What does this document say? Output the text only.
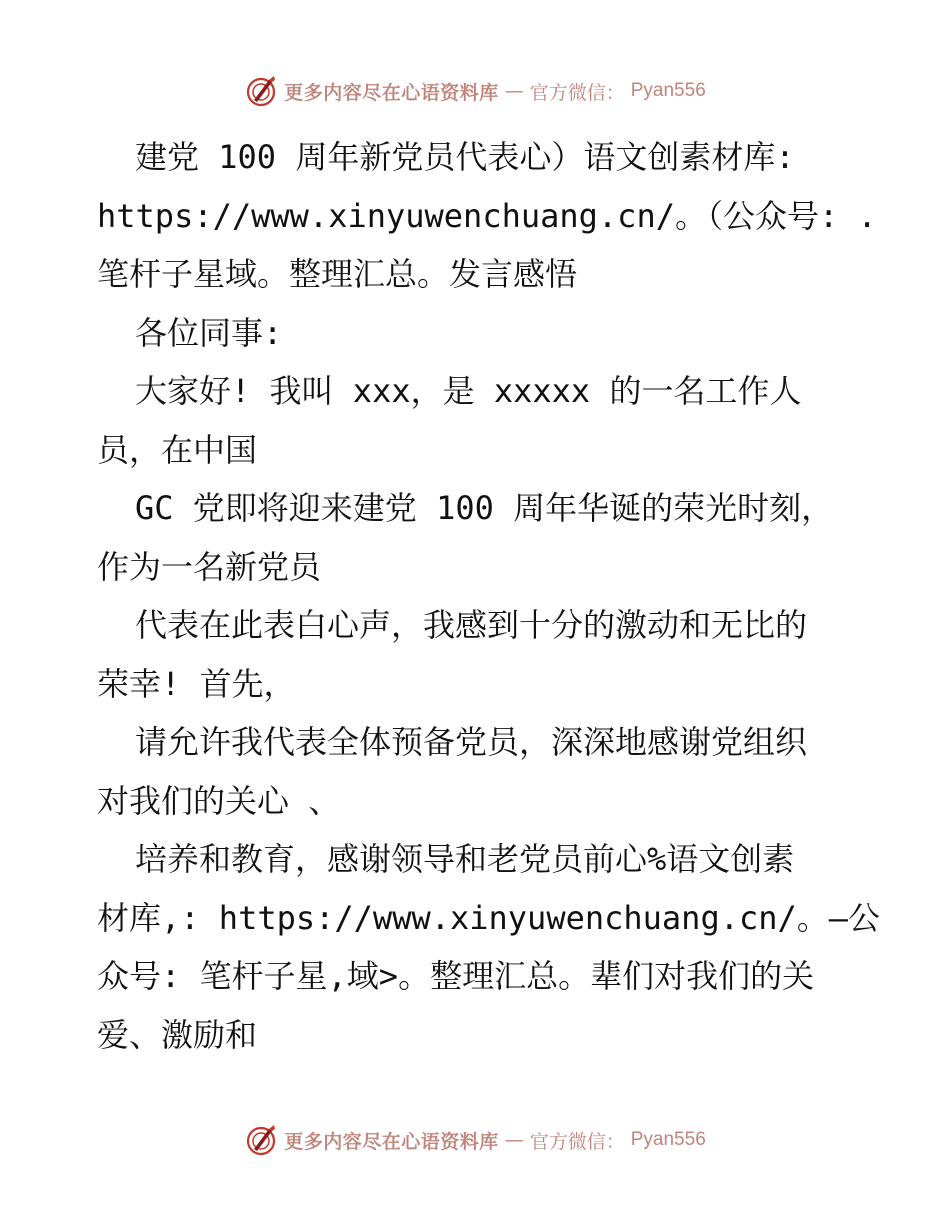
更多内容尽在心语资料库 — 官方微信： Pyan556
建党 100 周年新党员代表心）语文创素材库:
https://www.xinyuwenchuang.cn/。（公众号: .
笔杆子星域。整理汇总。发言感悟
各位同事:
大家好! 我叫 xxx，是 xxxxx 的一名工作人
员，在中国
GC 党即将迎来建党 100 周年华诞的荣光时刻，
作为一名新党员
代表在此表白心声，我感到十分的激动和无比的
荣幸! 首先，
请允许我代表全体预备党员，深深地感谢党组织
对我们的关心 、
培养和教育，感谢领导和老党员前心%语文创素
材库,: https://www.xinyuwenchuang.cn/。—公
众号: 笔杆子星,域>。整理汇总。辈们对我们的关
爱、激励和
更多内容尽在心语资料库 — 官方微信： Pyan556
